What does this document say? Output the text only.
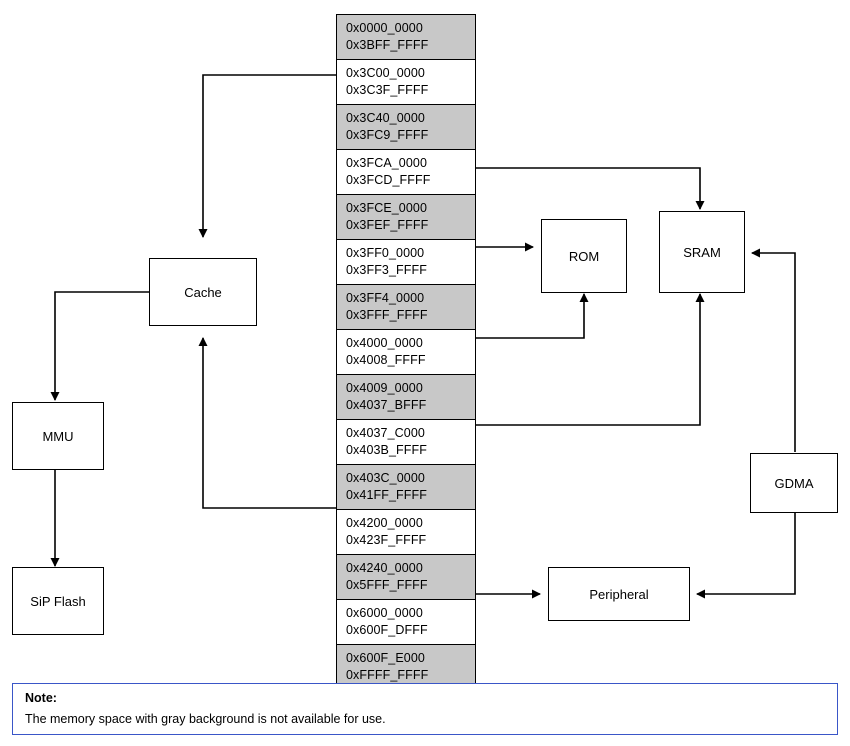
0x0000_0000
0x3BFF_FFFF
0x3C00_0000
0x3C3F_FFFF
0x3C40_0000
0x3FC9_FFFF
0x3FCA_0000
0x3FCD_FFFF
0x3FCE_0000
0x3FEF_FFFF
0x3FF0_0000
0x3FF3_FFFF
0x3FF4_0000
0x3FFF_FFFF
0x4000_0000
0x4008_FFFF
0x4009_0000
0x4037_BFFF
0x4037_C000
0x403B_FFFF
0x403C_0000
0x41FF_FFFF
0x4200_0000
0x423F_FFFF
0x4240_0000
0x5FFF_FFFF
0x6000_0000
0x600F_DFFF
0x600F_E000
0xFFFF_FFFF
Cache
MMU
SiP Flash
ROM	SRAM
GDMA
Peripheral
Note:
The memory space with gray background is not available for use.
